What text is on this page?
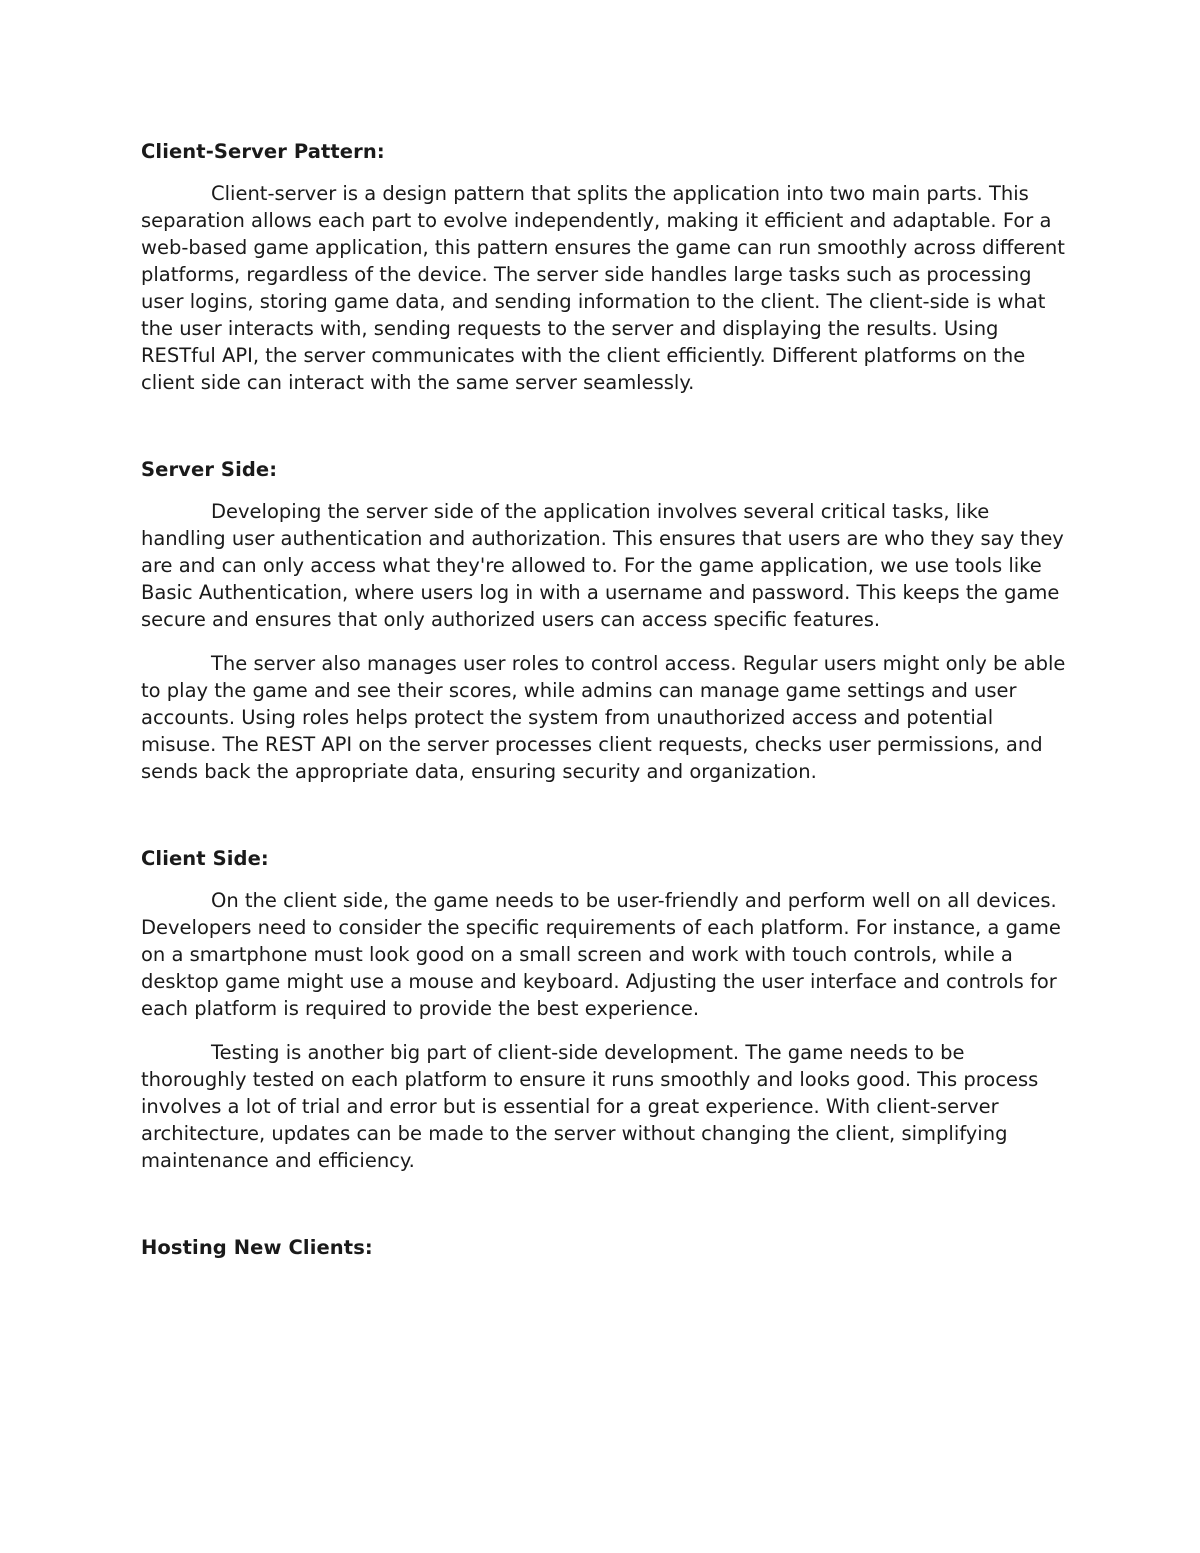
Client-Server Pattern:

Client-server is a design pattern that splits the application into two main parts. This separation allows each part to evolve independently, making it efficient and adaptable. For a web-based game application, this pattern ensures the game can run smoothly across different platforms, regardless of the device. The server side handles large tasks such as processing user logins, storing game data, and sending information to the client. The client-side is what the user interacts with, sending requests to the server and displaying the results. Using RESTful API, the server communicates with the client efficiently. Different platforms on the client side can interact with the same server seamlessly.

Server Side:

Developing the server side of the application involves several critical tasks, like handling user authentication and authorization. This ensures that users are who they say they are and can only access what they're allowed to. For the game application, we use tools like Basic Authentication, where users log in with a username and password. This keeps the game secure and ensures that only authorized users can access specific features.

The server also manages user roles to control access. Regular users might only be able to play the game and see their scores, while admins can manage game settings and user accounts. Using roles helps protect the system from unauthorized access and potential misuse. The REST API on the server processes client requests, checks user permissions, and sends back the appropriate data, ensuring security and organization.

Client Side:

On the client side, the game needs to be user-friendly and perform well on all devices. Developers need to consider the specific requirements of each platform. For instance, a game on a smartphone must look good on a small screen and work with touch controls, while a desktop game might use a mouse and keyboard. Adjusting the user interface and controls for each platform is required to provide the best experience.

Testing is another big part of client-side development. The game needs to be thoroughly tested on each platform to ensure it runs smoothly and looks good. This process involves a lot of trial and error but is essential for a great experience. With client-server architecture, updates can be made to the server without changing the client, simplifying maintenance and efficiency.

Hosting New Clients:
